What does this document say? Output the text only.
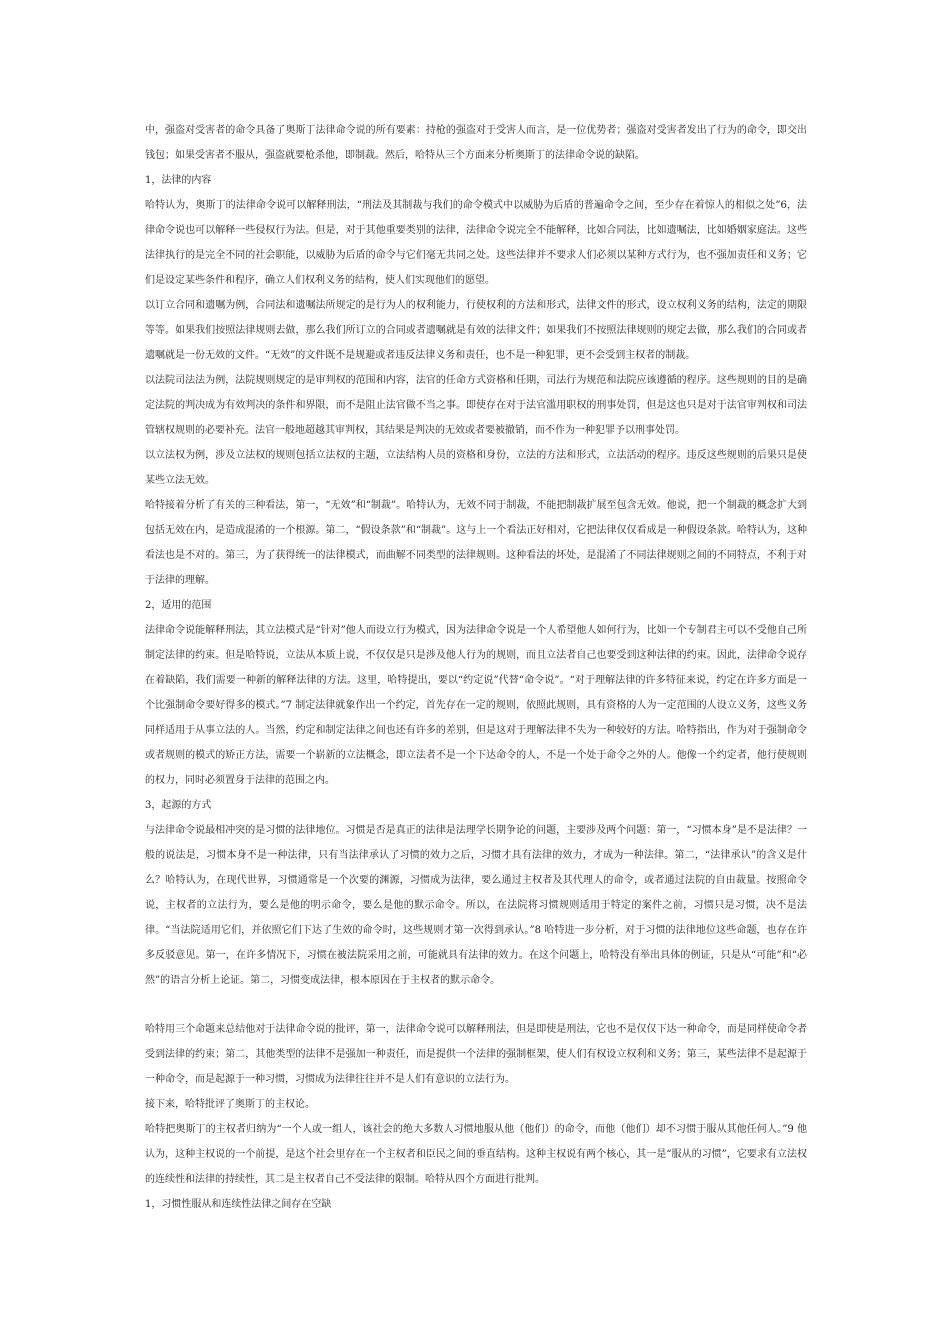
中，强盗对受害者的命令具备了奥斯丁法律命令说的所有要素：持枪的强盗对于受害人而言，是一位优势者；强盗对受害者发出了行为的命令，即交出钱包；如果受害者不服从，强盗就要枪杀他，即制裁。然后，哈特从三个方面来分析奥斯丁的法律命令说的缺陷。

1，法律的内容

哈特认为，奥斯丁的法律命令说可以解释刑法，“刑法及其制裁与我们的命令模式中以威胁为后盾的普遍命令之间，至少存在着惊人的相似之处”6，法律命令说也可以解释一些侵权行为法。但是，对于其他重要类别的法律，法律命令说完全不能解释，比如合同法，比如遗嘱法，比如婚姻家庭法。这些法律执行的是完全不同的社会职能，以威胁为后盾的命令与它们毫无共同之处。这些法律并不要求人们必须以某种方式行为，也不强加责任和义务；它们是设定某些条件和程序，确立人们权利义务的结构，使人们实现他们的愿望。

以订立合同和遗嘱为例，合同法和遗嘱法所规定的是行为人的权利能力，行使权利的方法和形式，法律文件的形式，设立权利义务的结构，法定的期限等等。如果我们按照法律规则去做，那么我们所订立的合同或者遗嘱就是有效的法律文件；如果我们不按照法律规则的规定去做，那么我们的合同或者遗嘱就是一份无效的文件。“无效”的文件既不是规避或者违反法律义务和责任，也不是一种犯罪，更不会受到主权者的制裁。

以法院司法法为例，法院规则规定的是审判权的范围和内容，法官的任命方式资格和任期，司法行为规范和法院应该遵循的程序。这些规则的目的是确定法院的判决成为有效判决的条件和界限，而不是阻止法官做不当之事。即使存在对于法官滥用职权的刑事处罚，但是这也只是对于法官审判权和司法管辖权规则的必要补充。法官一般地超越其审判权，其结果是判决的无效或者要被撤销，而不作为一种犯罪予以刑事处罚。

以立法权为例，涉及立法权的规则包括立法权的主题，立法结构人员的资格和身份，立法的方法和形式，立法活动的程序。违反这些规则的后果只是使某些立法无效。

哈特接着分析了有关的三种看法，第一，“无效”和“制裁”。哈特认为，无效不同于制裁，不能把制裁扩展至包含无效。他说，把一个制裁的概念扩大到包括无效在内，是造成混淆的一个根源。第二，“假设条款”和“制裁”。这与上一个看法正好相对，它把法律仅仅看成是一种假设条款。哈特认为，这种看法也是不对的。第三，为了获得统一的法律模式，而曲解不同类型的法律规则。这种看法的坏处，是混淆了不同法律规则之间的不同特点，不利于对于法律的理解。

2，适用的范围

法律命令说能解释刑法，其立法模式是“针对”他人而设立行为模式，因为法律命令说是一个人希望他人如何行为，比如一个专制君主可以不受他自己所制定法律的约束。但是哈特说，立法从本质上说，不仅仅是只是涉及他人行为的规则，而且立法者自己也要受到这种法律的约束。因此，法律命令说存在着缺陷，我们需要一种新的解释法律的方法。这里，哈特提出，要以“约定说”代替“命令说”。“对于理解法律的许多特征来说，约定在许多方面是一个比强制命令要好得多的模式。”7 制定法律就象作出一个约定，首先存在一定的规则，依照此规则，具有资格的人为一定范围的人设立义务，这些义务同样适用于从事立法的人。当然，约定和制定法律之间也还有许多的差别，但是这对于理解法律不失为一种较好的方法。哈特指出，作为对于强制命令或者规则的模式的矫正方法，需要一个崭新的立法概念，即立法者不是一个下达命令的人，不是一个处于命令之外的人。他像一个约定者，他行使规则的权力，同时必须置身于法律的范围之内。

3，起源的方式

与法律命令说最相冲突的是习惯的法律地位。习惯是否是真正的法律是法理学长期争论的问题，主要涉及两个问题：第一，“习惯本身”是不是法律？一般的说法是，习惯本身不是一种法律，只有当法律承认了习惯的效力之后，习惯才具有法律的效力，才成为一种法律。第二，“法律承认”的含义是什么？哈特认为，在现代世界，习惯通常是一个次要的渊源，习惯成为法律，要么通过主权者及其代理人的命令，或者通过法院的自由裁量。按照命令说，主权者的立法行为，要么是他的明示命令，要么是他的默示命令。所以，在法院将习惯规则适用于特定的案件之前，习惯只是习惯，决不是法律。“当法院适用它们，并依照它们下达了生效的命令时，这些规则才第一次得到承认。”8 哈特进一步分析，对于习惯的法律地位这些命题，也存在许多反驳意见。第一，在许多情况下，习惯在被法院采用之前，可能就具有法律的效力。在这个问题上，哈特没有举出具体的例证，只是从“可能”和“必然”的语言分析上论证。第二，习惯变成法律，根本原因在于主权者的默示命令。

哈特用三个命题来总结他对于法律命令说的批评，第一，法律命令说可以解释刑法，但是即使是刑法，它也不是仅仅下达一种命令，而是同样使命令者受到法律的约束；第二，其他类型的法律不是强加一种责任，而是提供一个法律的强制框架，使人们有权设立权利和义务；第三，某些法律不是起源于一种命令，而是起源于一种习惯，习惯成为法律往往并不是人们有意识的立法行为。

接下来，哈特批评了奥斯丁的主权论。

哈特把奥斯丁的主权者归纳为“一个人或一组人，该社会的绝大多数人习惯地服从他（他们）的命令，而他（他们）却不习惯于服从其他任何人。”9 他认为，这种主权说的一个前提，是这个社会里存在一个主权者和臣民之间的垂直结构。这种主权说有两个核心，其一是“服从的习惯”，它要求有立法权的连续性和法律的持续性，其二是主权者自己不受法律的限制。哈特从四个方面进行批判。

1，习惯性服从和连续性法律之间存在空缺
